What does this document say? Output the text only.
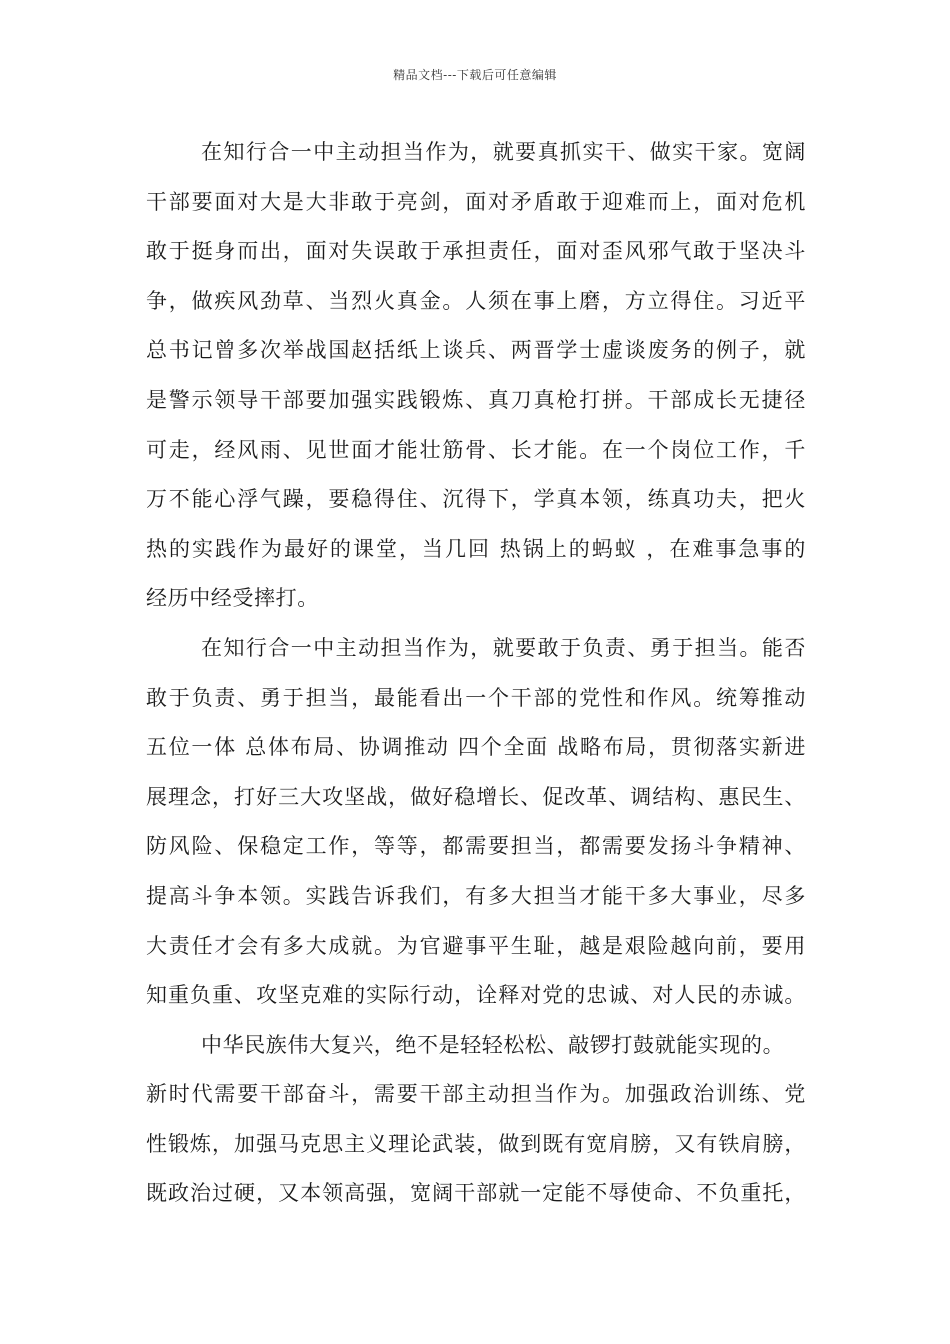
精品文档---下载后可任意编辑
在知行合一中主动担当作为，就要真抓实干、做实干家。宽阔
干部要面对大是大非敢于亮剑，面对矛盾敢于迎难而上，面对危机
敢于挺身而出，面对失误敢于承担责任，面对歪风邪气敢于坚决斗
争，做疾风劲草、当烈火真金。人须在事上磨，方立得住。习近平
总书记曾多次举战国赵括纸上谈兵、两晋学士虚谈废务的例子，就
是警示领导干部要加强实践锻炼、真刀真枪打拼。干部成长无捷径
可走，经风雨、见世面才能壮筋骨、长才能。在一个岗位工作，千
万不能心浮气躁，要稳得住、沉得下，学真本领，练真功夫，把火
热的实践作为最好的课堂，当几回 热锅上的蚂蚁 ，在难事急事的
经历中经受摔打。
在知行合一中主动担当作为，就要敢于负责、勇于担当。能否
敢于负责、勇于担当，最能看出一个干部的党性和作风。统筹推动
五位一体 总体布局、协调推动 四个全面 战略布局，贯彻落实新进
展理念，打好三大攻坚战，做好稳增长、促改革、调结构、惠民生、
防风险、保稳定工作，等等，都需要担当，都需要发扬斗争精神、
提高斗争本领。实践告诉我们，有多大担当才能干多大事业，尽多
大责任才会有多大成就。为官避事平生耻，越是艰险越向前，要用
知重负重、攻坚克难的实际行动，诠释对党的忠诚、对人民的赤诚。
中华民族伟大复兴，绝不是轻轻松松、敲锣打鼓就能实现的。
新时代需要干部奋斗，需要干部主动担当作为。加强政治训练、党
性锻炼，加强马克思主义理论武装，做到既有宽肩膀，又有铁肩膀，
既政治过硬，又本领高强，宽阔干部就一定能不辱使命、不负重托，
